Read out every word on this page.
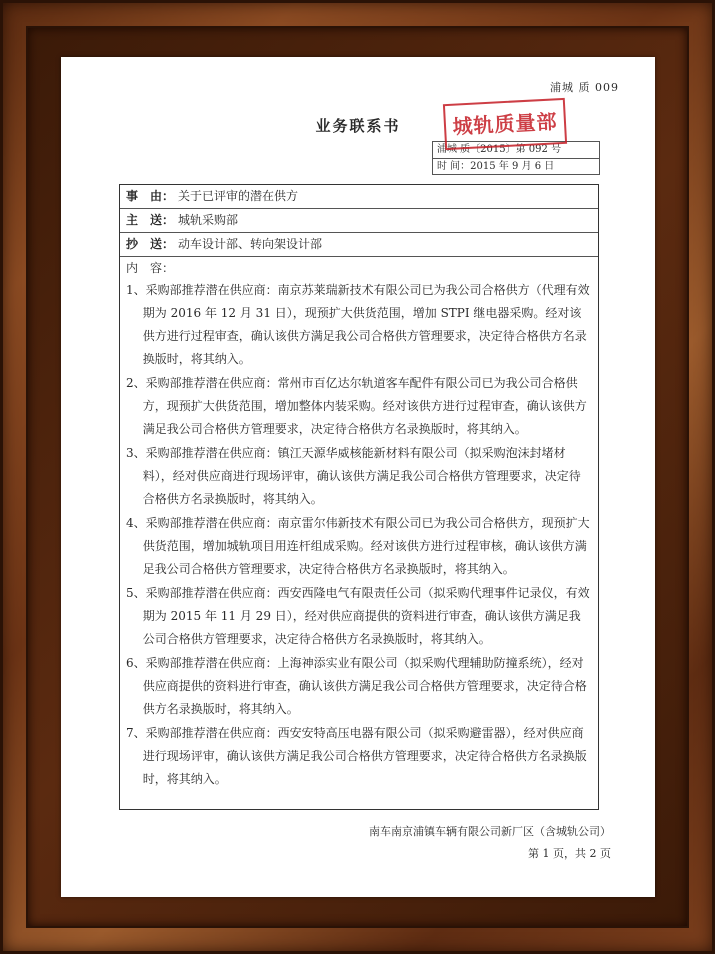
浦城 质 009
业务联系书
浦城 质〔2015〕第 092 号
时 间：2015 年 9 月 6 日
城轨质量部
事　由： 关于已评审的潜在供方
主　送： 城轨采购部
抄　送： 动车设计部、转向架设计部
内　容：
1、采购部推荐潜在供应商：南京苏莱瑞新技术有限公司已为我公司合格供方（代理有效期为 2016 年 12 月 31 日），现预扩大供货范围，增加 STPI 继电器采购。经对该供方进行过程审查，确认该供方满足我公司合格供方管理要求，决定待合格供方名录换版时，将其纳入。
2、采购部推荐潜在供应商：常州市百亿达尔轨道客车配件有限公司已为我公司合格供方，现预扩大供货范围，增加整体内装采购。经对该供方进行过程审查，确认该供方满足我公司合格供方管理要求，决定待合格供方名录换版时，将其纳入。
3、采购部推荐潜在供应商：镇江天源华威核能新材料有限公司（拟采购泡沫封堵材料），经对供应商进行现场评审，确认该供方满足我公司合格供方管理要求，决定待合格供方名录换版时，将其纳入。
4、采购部推荐潜在供应商：南京雷尔伟新技术有限公司已为我公司合格供方，现预扩大供货范围，增加城轨项目用连杆组成采购。经对该供方进行过程审核，确认该供方满足我公司合格供方管理要求，决定待合格供方名录换版时，将其纳入。
5、采购部推荐潜在供应商：西安西隆电气有限责任公司（拟采购代理事件记录仪，有效期为 2015 年 11 月 29 日），经对供应商提供的资料进行审查，确认该供方满足我公司合格供方管理要求，决定待合格供方名录换版时，将其纳入。
6、采购部推荐潜在供应商：上海神添实业有限公司（拟采购代理辅助防撞系统），经对供应商提供的资料进行审查，确认该供方满足我公司合格供方管理要求，决定待合格供方名录换版时，将其纳入。
7、采购部推荐潜在供应商：西安安特高压电器有限公司（拟采购避雷器），经对供应商进行现场评审，确认该供方满足我公司合格供方管理要求，决定待合格供方名录换版时，将其纳入。
南车南京浦镇车辆有限公司新厂区（含城轨公司）
第 1 页，共 2 页
